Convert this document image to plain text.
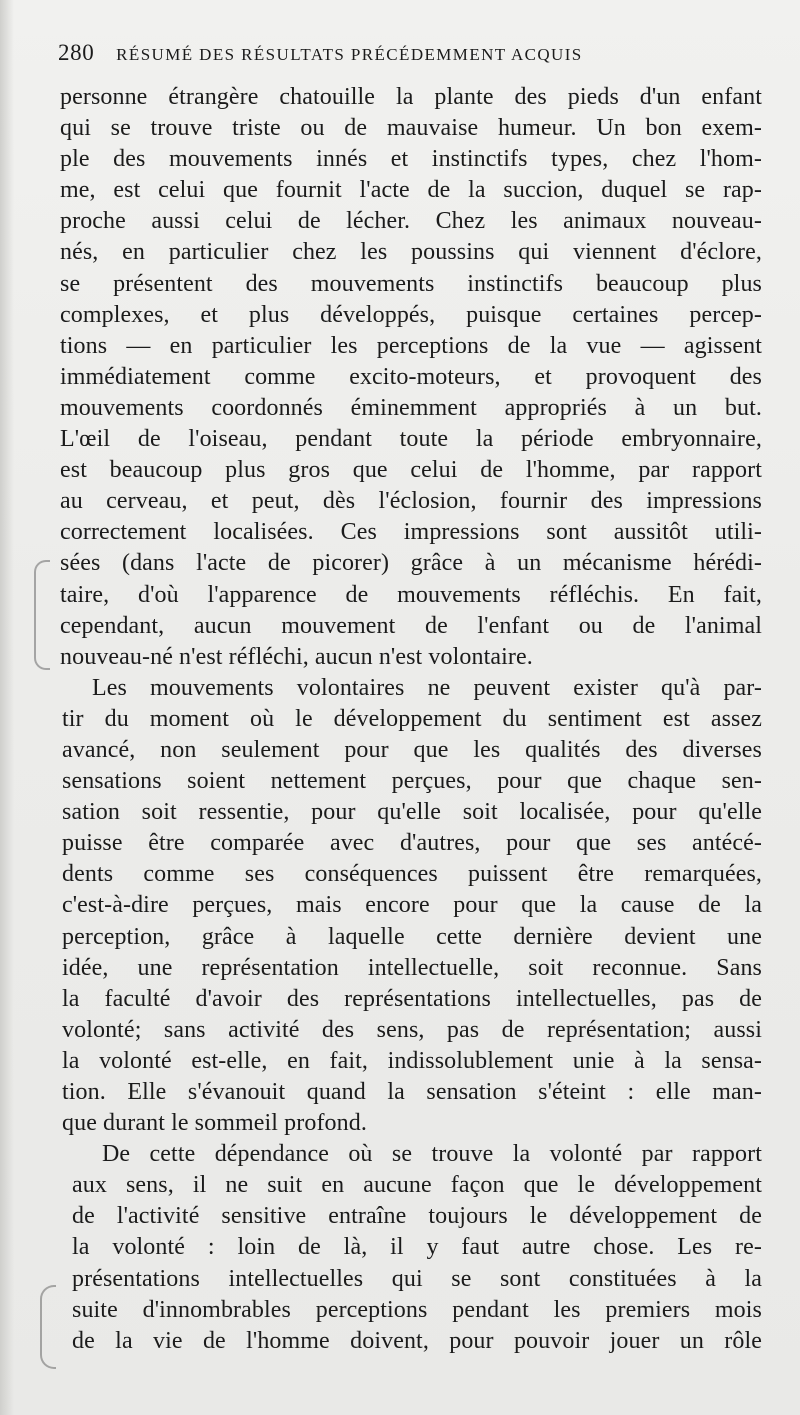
280 RÉSUMÉ DES RÉSULTATS PRÉCÉDEMMENT ACQUIS
personne étrangère chatouille la plante des pieds d'un enfant
qui se trouve triste ou de mauvaise humeur. Un bon exem-
ple des mouvements innés et instinctifs types, chez l'hom-
me, est celui que fournit l'acte de la succion, duquel se rap-
proche aussi celui de lécher. Chez les animaux nouveau-
nés, en particulier chez les poussins qui viennent d'éclore,
se présentent des mouvements instinctifs beaucoup plus
complexes, et plus développés, puisque certaines percep-
tions — en particulier les perceptions de la vue — agissent
immédiatement comme excito-moteurs, et provoquent des
mouvements coordonnés éminemment appropriés à un but.
L'œil de l'oiseau, pendant toute la période embryonnaire,
est beaucoup plus gros que celui de l'homme, par rapport
au cerveau, et peut, dès l'éclosion, fournir des impressions
correctement localisées. Ces impressions sont aussitôt utili-
sées (dans l'acte de picorer) grâce à un mécanisme hérédi-
taire, d'où l'apparence de mouvements réfléchis. En fait,
cependant, aucun mouvement de l'enfant ou de l'animal
nouveau-né n'est réfléchi, aucun n'est volontaire.
Les mouvements volontaires ne peuvent exister qu'à par-
tir du moment où le développement du sentiment est assez
avancé, non seulement pour que les qualités des diverses
sensations soient nettement perçues, pour que chaque sen-
sation soit ressentie, pour qu'elle soit localisée, pour qu'elle
puisse être comparée avec d'autres, pour que ses antécé-
dents comme ses conséquences puissent être remarquées,
c'est-à-dire perçues, mais encore pour que la cause de la
perception, grâce à laquelle cette dernière devient une
idée, une représentation intellectuelle, soit reconnue. Sans
la faculté d'avoir des représentations intellectuelles, pas de
volonté; sans activité des sens, pas de représentation; aussi
la volonté est-elle, en fait, indissolublement unie à la sensa-
tion. Elle s'évanouit quand la sensation s'éteint : elle man-
que durant le sommeil profond.
De cette dépendance où se trouve la volonté par rapport
aux sens, il ne suit en aucune façon que le développement
de l'activité sensitive entraîne toujours le développement de
la volonté : loin de là, il y faut autre chose. Les re-
présentations intellectuelles qui se sont constituées à la
suite d'innombrables perceptions pendant les premiers mois
de la vie de l'homme doivent, pour pouvoir jouer un rôle
